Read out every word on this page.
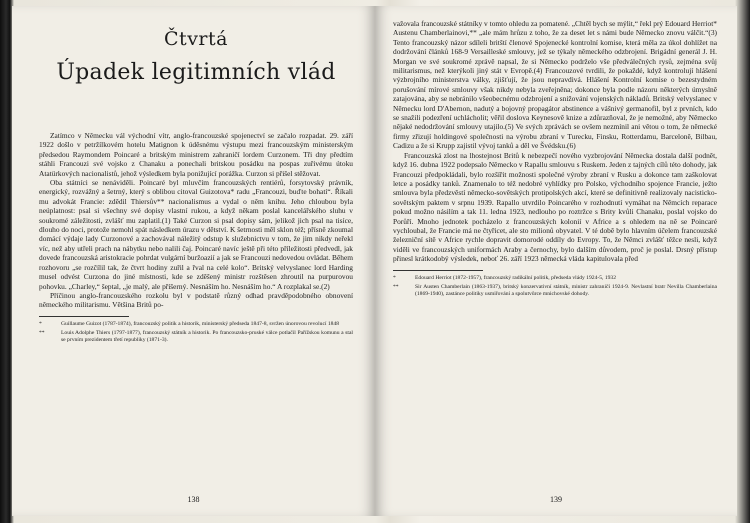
Čtvrtá
Úpadek legitimních vlád

Zatímco v Německu vál východní vítr, anglo-francouzské spojenectví se začalo rozpadat. 29. září 1922 došlo v petržílkovém hotelu Matignon k úděsnému výstupu mezi francouzským ministerským předsedou Raymondem Poincaré a britským ministrem zahraničí lordem Curzonem. Tři dny předtím stáhli Francouzi své vojsko z Chanaku a ponechali britskou posádku na pospas zuřivému útoku Atatürkových nacionalistů, jehož výsledkem byla ponižující porážka. Curzon si přišel stěžovat.

Oba státníci se nenáviděli. Poincaré byl mluvčím francouzských rentiérů, forsytovský právník, energický, rozvážný a šetrný, který s oblibou citoval Guizotova* radu „Francouzi, buďte bohatí“. Říkali mu advokát Francie: zdědil Thiersův** nacionalismus a vydal o něm knihu. Jeho chloubou byla neúplatnost: psal si všechny své dopisy vlastní rukou, a když někam poslal kancelářského sluhu v soukromé záležitosti, zvlášť mu zaplatil.(1) Také Curzon si psal dopisy sám, jelikož jich psal na tisíce, dlouho do noci, protože nemohl spát následkem úrazu v dětství. K šetrnosti měl sklon též; přísně zkoumal domácí výdaje lady Curzonové a zachovával náležitý odstup k služebnictvu v tom, že jim nikdy neřekl víc, než aby utřeli prach na nábytku nebo nalili čaj. Poincaré navíc ještě při této příležitosti předvedl, jak dovede francouzská aristokracie pohrdat vulgární buržoazií a jak se Francouzi nedovedou ovládat. Během rozhovoru „se rozčílil tak, že čtvrt hodiny zuřil a řval na celé kolo“. Britský velvyslanec lord Harding musel odvést Curzona do jiné místnosti, kde se zděšený ministr rozštěsen zhroutil na purpurovou pohovku. „Charley,“ šeptal, „je malý, ale příšerný. Nesnáším ho. Nesnáším ho.“ A rozplakal se.(2)

Příčinou anglo-francouzského rozkolu byl v podstatě různý odhad pravděpodobného obnovení německého militarismu. Většina Britů po-

*	Guillaume Guizot (1787-1874), francouzský politik a historik, ministerský předseda 1847-8, svržen únorovou revolucí 1848
**	Louis Adolphe Thiers (1797-1877), francouzský státník a historik. Po francouzsko-pruské válce potlačil Pařížskou komunu a stal se prvním prezidentem třetí republiky (1871-3).
138

važovala francouzské státníky v tomto ohledu za pomatené. „Chtěl bych se mýlit,“ řekl prý Edouard Herriot* Austenu Chamberlainovi,** „ale mám hrůzu z toho, že za deset let s námi bude Německo znovu válčit.“(3) Tento francouzský názor sdíleli britští členové Spojenecké kontrolní komise, která měla za úkol dohlížet na dodržování článků 168-9 Versailleské smlouvy, jež se týkaly německého odzbrojení. Brigádní generál J. H. Morgan ve své soukromé zprávě napsal, že si Německo podrželo vše předválečných rysů, zejména svůj militarismus, než kterýkoli jiný stát v Evropě.(4) Francouzové tvrdili, že pokaždé, když kontrolují hlášení výzbrojního ministerstva války, zjišťují, že jsou nepravdivá. Hlášení Kontrolní komise o bezestydném porušování mírové smlouvy však nikdy nebyla zveřejněna; dokonce byla podle názoru některých úmyslně zatajována, aby se nebránilo všeobecnému odzbrojení a snižování vojenských nákladů. Britský velvyslanec v Německu lord D'Abernon, nadutý a bojovný propagátor abstinence a vášnivý germanofil, byl z prvních, kdo se snažili podezření uchlácholit; věřil doslova Keynesově knize a zdůrazňoval, že je nemožné, aby Německo nějaké nedodržování smlouvy utajilo.(5) Ve svých zprávách se ovšem nezmínil ani větou o tom, že německé firmy zřizují holdingové společnosti na výrobu zbraní v Turecku, Finsku, Rotterdamu, Barceloně, Bilbau, Cadizu a že si Krupp zajistil vývoj tanků a děl ve Švédsku.(6)

Francouzská zlost na lhostejnost Britů k nebezpečí nového vyzbrojování Německa dostala další podnět, když 16. dubna 1922 podepsalo Německo v Rapallu smlouvu s Ruskem. Jeden z tajných cílů této dohody, jak Francouzi předpokládali, bylo rozšířit možnosti společné výroby zbraní v Rusku a dokonce tam zaškolovat letce a posádky tanků. Znamenalo to též nedobré vyhlídky pro Polsko, východního spojence Francie, ježto smlouva byla předzvěstí německo-sovětských protipolských akcí, které se definitivně realizovaly nacisticko-sovětským paktem v srpnu 1939. Rapallo utvrdilo Poincarého v rozhodnutí vymáhat na Němcích reparace pokud možno násilím a tak 11. ledna 1923, nedlouho po roztržce s Brity kvůli Chanaku, poslal vojsko do Porůří. Mnoho jednotek pocházelo z francouzských kolonií v Africe a s ohledem na ně se Poincaré vychloubal, že Francie má ne čtyřicet, ale sto milionů obyvatel. V té době bylo hlavním účelem francouzské železniční sítě v Africe rychle dopravit domorodé oddíly do Evropy. To, že Němci zvlášť těžce nesli, když viděli ve francouzských uniformách Araby a černochy, bylo dalším důvodem, proč je poslal. Drsný přístup přinesl krátkodobý výsledek, neboť 26. září 1923 německá vláda kapitulovala před

*	Edouard Herriot (1872-1957), francouzský radikální politik, předseda vlády 1924-5, 1932
**	Sir Austen Chamberlain (1863-1937), britský konzervativní státník, ministr zahraničí 1924-9. Nevlastní bratr Nevilla Chamberlaina (1869-1940), zastánce politiky usmiřování a spolutvůrce mnichovské dohody.
139
